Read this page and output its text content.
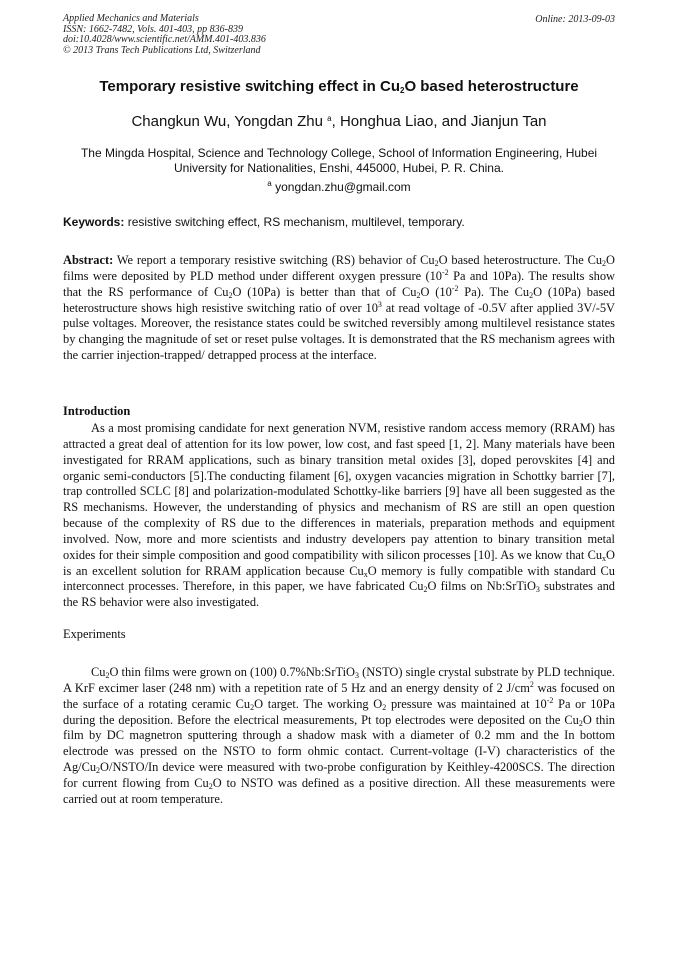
Applied Mechanics and Materials
ISSN: 1662-7482, Vols. 401-403, pp 836-839
doi:10.4028/www.scientific.net/AMM.401-403.836
© 2013 Trans Tech Publications Ltd, Switzerland
Online: 2013-09-03
Temporary resistive switching effect in $Cu_2O$ based heterostructure
Changkun Wu, Yongdan Zhu $^a$, Honghua Liao, and Jianjun Tan
The Mingda Hospital, Science and Technology College, School of Information Engineering, Hubei
University for Nationalities, Enshi, 445000, Hubei, P. R. China.
$^a$ yongdan.zhu@gmail.com
Keywords: resistive switching effect, RS mechanism, multilevel, temporary.
Abstract: We report a temporary resistive switching (RS) behavior of $Cu_2O$ based heterostructure. The $Cu_2O$ films were deposited by PLD method under different oxygen pressure ($10^{-2}$ Pa and 10Pa). The results show that the RS performance of $Cu_2O$ (10Pa) is better than that of $Cu_2O$ ($10^{-2}$ Pa). The $Cu_2O$ (10Pa) based heterostructure shows high resistive switching ratio of over $10^3$ at read voltage of -0.5V after applied 3V/-5V pulse voltages. Moreover, the resistance states could be switched reversibly among multilevel resistance states by changing the magnitude of set or reset pulse voltages. It is demonstrated that the RS mechanism agrees with the carrier injection-trapped/ detrapped process at the interface.
Introduction
As a most promising candidate for next generation NVM, resistive random access memory (RRAM) has attracted a great deal of attention for its low power, low cost, and fast speed [1, 2]. Many materials have been investigated for RRAM applications, such as binary transition metal oxides [3], doped perovskites [4] and organic semi-conductors [5].The conducting filament [6], oxygen vacancies migration in Schottky barrier [7], trap controlled SCLC [8] and polarization-modulated Schottky-like barriers [9] have all been suggested as the RS mechanisms. However, the understanding of physics and mechanism of RS are still an open question because of the complexity of RS due to the differences in materials, preparation methods and equipment involved. Now, more and more scientists and industry developers pay attention to binary transition metal oxides for their simple composition and good compatibility with silicon processes [10]. As we know that $Cu_xO$ is an excellent solution for RRAM application because $Cu_xO$ memory is fully compatible with standard Cu interconnect processes. Therefore, in this paper, we have fabricated $Cu_2O$ films on Nb:SrTiO$_3$ substrates and the RS behavior were also investigated.
Experiments
$Cu_2O$ thin films were grown on (100) 0.7%Nb:SrTiO$_3$ (NSTO) single crystal substrate by PLD technique. A KrF excimer laser (248 nm) with a repetition rate of 5 Hz and an energy density of 2 $J/cm^2$ was focused on the surface of a rotating ceramic $Cu_2O$ target. The working $O_2$ pressure was maintained at $10^{-2}$ Pa or 10Pa during the deposition. Before the electrical measurements, Pt top electrodes were deposited on the $Cu_2O$ thin film by DC magnetron sputtering through a shadow mask with a diameter of 0.2 mm and the In bottom electrode was pressed on the NSTO to form ohmic contact. Current-voltage (I-V) characteristics of the $Ag/Cu_2O/NSTO/In$ device were measured with two-probe configuration by Keithley-4200SCS. The direction for current flowing from $Cu_2O$ to NSTO was defined as a positive direction. All these measurements were carried out at room temperature.
